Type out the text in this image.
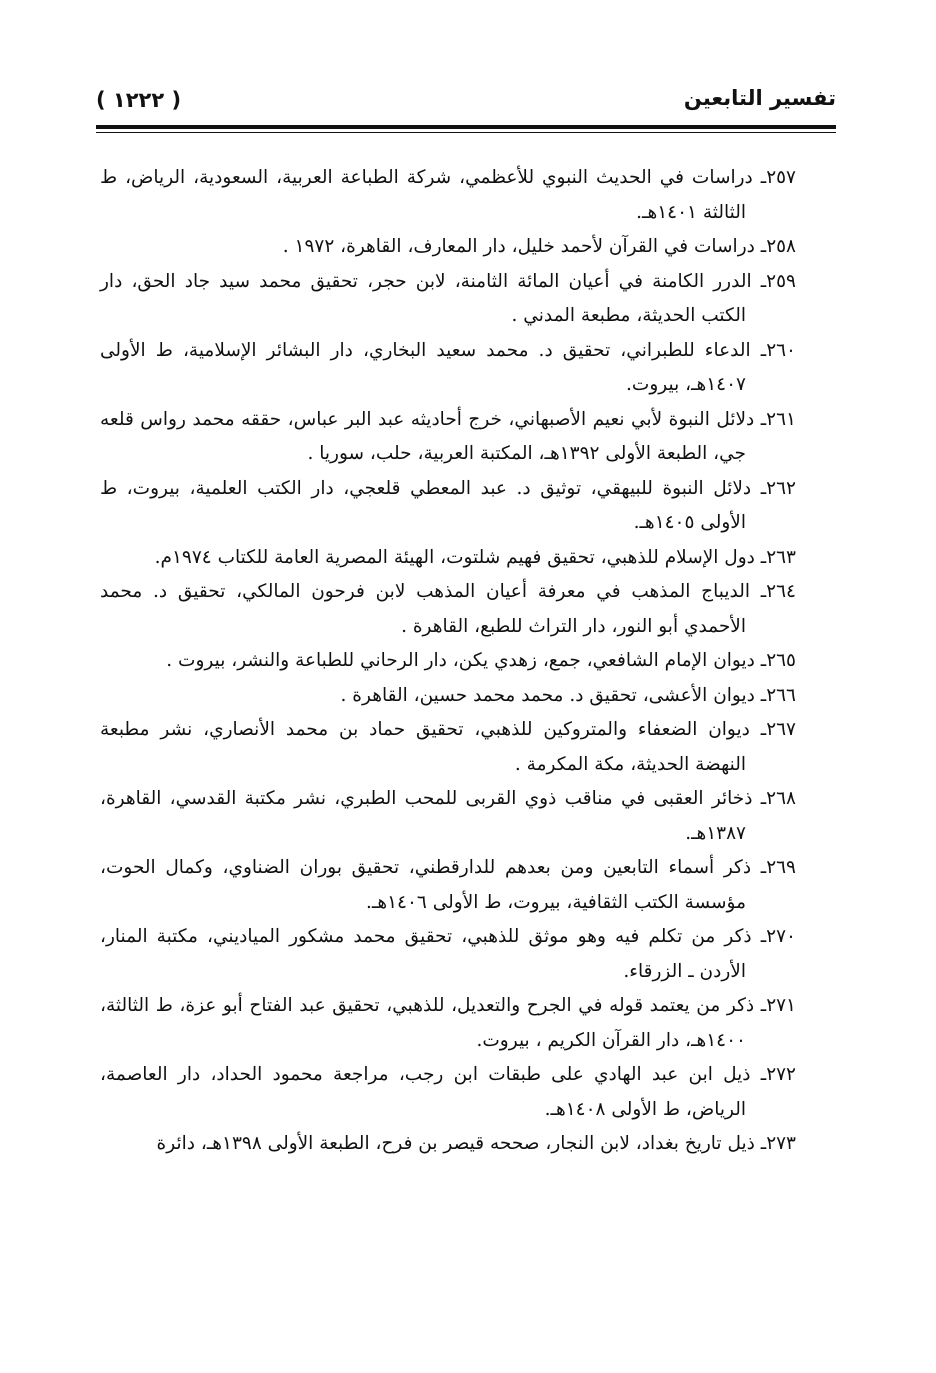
تفسير التابعين
( ١٢٢٢ )
٢٥٧ـ دراسات في الحديث النبوي للأعظمي، شركة الطباعة العربية، السعودية، الرياض، ط الثالثة ١٤٠١هـ.
٢٥٨ـ دراسات في القرآن لأحمد خليل، دار المعارف، القاهرة، ١٩٧٢ .
٢٥٩ـ الدرر الكامنة في أعيان المائة الثامنة، لابن حجر، تحقيق محمد سيد جاد الحق، دار الكتب الحديثة، مطبعة المدني .
٢٦٠ـ الدعاء للطبراني، تحقيق د. محمد سعيد البخاري، دار البشائر الإسلامية، ط الأولى ١٤٠٧هـ، بيروت.
٢٦١ـ دلائل النبوة لأبي نعيم الأصبهاني، خرج أحاديثه عبد البر عباس، حققه محمد رواس قلعه جي، الطبعة الأولى ١٣٩٢هـ، المكتبة العربية، حلب، سوريا .
٢٦٢ـ دلائل النبوة للبيهقي، توثيق د. عبد المعطي قلعجي، دار الكتب العلمية، بيروت، ط الأولى ١٤٠٥هـ.
٢٦٣ـ دول الإسلام للذهبي، تحقيق فهيم شلتوت، الهيئة المصرية العامة للكتاب ١٩٧٤م.
٢٦٤ـ الديباج المذهب في معرفة أعيان المذهب لابن فرحون المالكي، تحقيق د. محمد الأحمدي أبو النور، دار التراث للطبع، القاهرة .
٢٦٥ـ ديوان الإمام الشافعي، جمع، زهدي يكن، دار الرحاني للطباعة والنشر، بيروت .
٢٦٦ـ ديوان الأعشى، تحقيق د. محمد محمد حسين، القاهرة .
٢٦٧ـ ديوان الضعفاء والمتروكين للذهبي، تحقيق حماد بن محمد الأنصاري، نشر مطبعة النهضة الحديثة، مكة المكرمة .
٢٦٨ـ ذخائر العقبى في مناقب ذوي القربى للمحب الطبري، نشر مكتبة القدسي، القاهرة، ١٣٨٧هـ.
٢٦٩ـ ذكر أسماء التابعين ومن بعدهم للدارقطني، تحقيق بوران الضناوي، وكمال الحوت، مؤسسة الكتب الثقافية، بيروت، ط الأولى ١٤٠٦هـ.
٢٧٠ـ ذكر من تكلم فيه وهو موثق للذهبي، تحقيق محمد مشكور المياديني، مكتبة المنار، الأردن ـ الزرقاء.
٢٧١ـ ذكر من يعتمد قوله في الجرح والتعديل، للذهبي، تحقيق عبد الفتاح أبو عزة، ط الثالثة، ١٤٠٠هـ، دار القرآن الكريم ، بيروت.
٢٧٢ـ ذيل ابن عبد الهادي على طبقات ابن رجب، مراجعة محمود الحداد، دار العاصمة، الرياض، ط الأولى ١٤٠٨هـ.
٢٧٣ـ ذيل تاريخ بغداد، لابن النجار، صححه قيصر بن فرح، الطبعة الأولى ١٣٩٨هـ، دائرة
